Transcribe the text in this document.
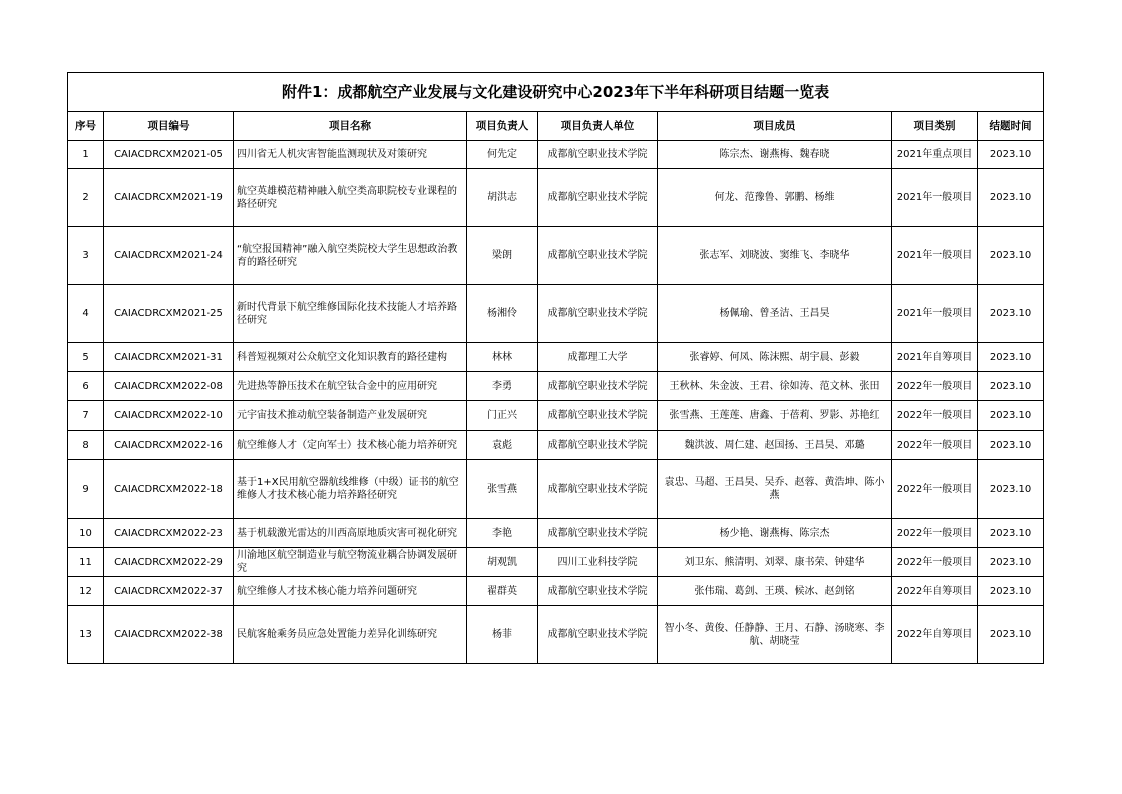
附件1：成都航空产业发展与文化建设研究中心2023年下半年科研项目结题一览表							
序号	项目编号	项目名称	项目负责人	项目负责人单位	项目成员	项目类别	结题时间
1	CAIACDRCXM2021-05	四川省无人机灾害智能监测现状及对策研究	何先定	成都航空职业技术学院	陈宗杰、谢燕梅、魏春晓	2021年重点项目	2023.10
2	CAIACDRCXM2021-19	航空英雄模范精神融入航空类高职院校专业课程的路径研究	胡洪志	成都航空职业技术学院	何龙、范豫鲁、郭鹏、杨维	2021年一般项目	2023.10
3	CAIACDRCXM2021-24	“航空报国精神”融入航空类院校大学生思想政治教育的路径研究	梁朗	成都航空职业技术学院	张志军、刘晓波、窦维飞、李晓华	2021年一般项目	2023.10
4	CAIACDRCXM2021-25	新时代背景下航空维修国际化技术技能人才培养路径研究	杨湘伶	成都航空职业技术学院	杨佩瑜、曾圣洁、王昌昊	2021年一般项目	2023.10
5	CAIACDRCXM2021-31	科普短视频对公众航空文化知识教育的路径建构	林林	成都理工大学	张睿婷、何凤、陈沫熙、胡宇晨、彭毅	2021年自筹项目	2023.10
6	CAIACDRCXM2022-08	先进热等静压技术在航空钛合金中的应用研究	李勇	成都航空职业技术学院	王秋林、朱金波、王君、徐如涛、范文林、张田	2022年一般项目	2023.10
7	CAIACDRCXM2022-10	元宇宙技术推动航空装备制造产业发展研究	门正兴	成都航空职业技术学院	张雪燕、王莲莲、唐鑫、于蓓莉、罗影、苏艳红	2022年一般项目	2023.10
8	CAIACDRCXM2022-16	航空维修人才（定向军士）技术核心能力培养研究	袁彪	成都航空职业技术学院	魏洪波、周仁建、赵国扬、王昌昊、邓璐	2022年一般项目	2023.10
9	CAIACDRCXM2022-18	基于1+X民用航空器航线维修（中级）证书的航空维修人才技术核心能力培养路径研究	张雪燕	成都航空职业技术学院	袁忠、马超、王昌昊、吴乔、赵蓉、黄浩坤、陈小燕	2022年一般项目	2023.10
10	CAIACDRCXM2022-23	基于机载激光雷达的川西高原地质灾害可视化研究	李艳	成都航空职业技术学院	杨少艳、谢燕梅、陈宗杰	2022年一般项目	2023.10
11	CAIACDRCXM2022-29	川渝地区航空制造业与航空物流业耦合协调发展研究	胡观凯	四川工业科技学院	刘卫东、熊清明、刘翠、康书荣、钟建华	2022年一般项目	2023.10
12	CAIACDRCXM2022-37	航空维修人才技术核心能力培养问题研究	翟群英	成都航空职业技术学院	张伟瑞、葛剑、王瑛、候冰、赵剑铭	2022年自筹项目	2023.10
13	CAIACDRCXM2022-38	民航客舱乘务员应急处置能力差异化训练研究	杨菲	成都航空职业技术学院	智小冬、黄俊、任静静、王月、石静、汤晓寒、李航、胡晓莹	2022年自筹项目	2023.10
